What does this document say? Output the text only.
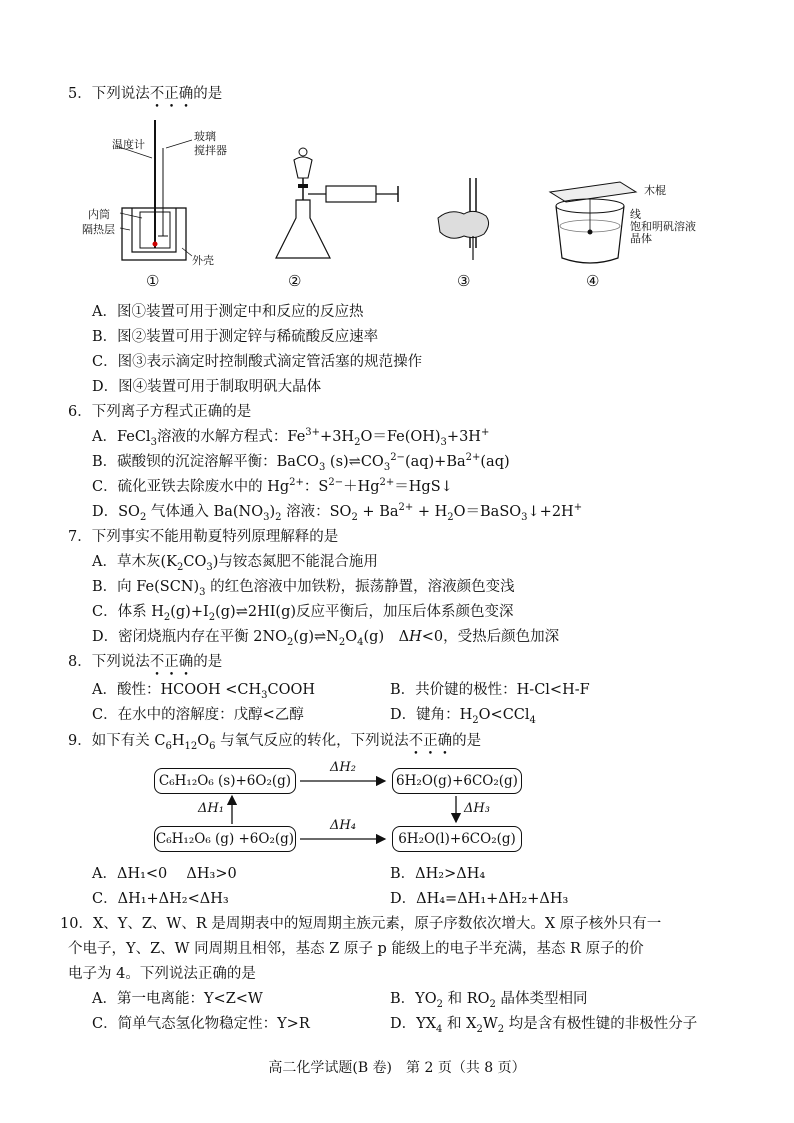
5．下列说法不正确的是
温度计
玻璃
搅拌器
内筒
隔热层
外壳
①	②	③
木棍
线
饱和明矾溶液
晶体
④
A．图①装置可用于测定中和反应的反应热
B．图②装置可用于测定锌与稀硫酸反应速率
C．图③表示滴定时控制酸式滴定管活塞的规范操作
D．图④装置可用于制取明矾大晶体
6．下列离子方程式正确的是
A．FeCl$_3$溶液的水解方程式：$Fe^{3+}+3H_2O=Fe(OH)_3+3H^+$
B．碳酸钡的沉淀溶解平衡：BaCO$_3$ $(s)\rightleftharpoons CO_3^{2-}(aq)+Ba^{2+}(aq)$
C．硫化亚铁去除废水中的 $Hg^{2+}$：$S^{2-}+Hg^{2+}=HgS↓$
D．$SO_2$ 气体通入 $Ba(NO_3)_2$ 溶液：$SO_2 + Ba^{2+}$ + $H_2O=BaSO_3↓+2H^+$
7．下列事实不能用勒夏特列原理解释的是
A．草木灰$(K_2CO_3)$与铵态氮肥不能混合施用
B．向 $Fe(SCN)_3$ 的红色溶液中加铁粉，振荡静置，溶液颜色变浅
C．体系 $H_2(g)+I_2(g)\rightleftharpoons 2HI(g)$反应平衡后，加压后体系颜色变深
D．密闭烧瓶内存在平衡 $2NO_2(g)\rightleftharpoons N_2O_4(g)$　ΔH<0，受热后颜色加深
8．下列说法不正确的是
A．酸性：HCOOH $<CH_3COOH$	B．共价键的极性：H-Cl<H-F
C．在水中的溶解度：戊醇<乙醇	D．键角：$H_2O<CCl_4$
9．如下有关 $C_6H_{12}O_6$ 与氧气反应的转化，下列说法不正确的是
C₆H₁₂O₆ (s)+6O₂(g)	6H₂O(g)+6CO₂(g)
C₆H₁₂O₆ (g) +6O₂(g)	6H₂O(l)+6CO₂(g)
ΔH₂
ΔH₄
ΔH₁	ΔH₃
A．ΔH₁<0　 ΔH₃>0	B．ΔH₂>ΔH₄
C．ΔH₁+ΔH₂<ΔH₃	D．ΔH₄=ΔH₁+ΔH₂+ΔH₃
10．X、Y、Z、W、R 是周期表中的短周期主族元素，原子序数依次增大。X 原子核外只有一
个电子，Y、Z、W 同周期且相邻，基态 Z 原子 p 能级上的电子半充满，基态 R 原子的价
电子为 4。下列说法正确的是
A．第一电离能：Y<Z<W	B．$YO_2$ 和 $RO_2$ 晶体类型相同
C．简单气态氢化物稳定性：Y>R	D．$YX_4$ 和 $X_2W_2$ 均是含有极性键的非极性分子
高二化学试题(B 卷)　第 2 页（共 8 页）
